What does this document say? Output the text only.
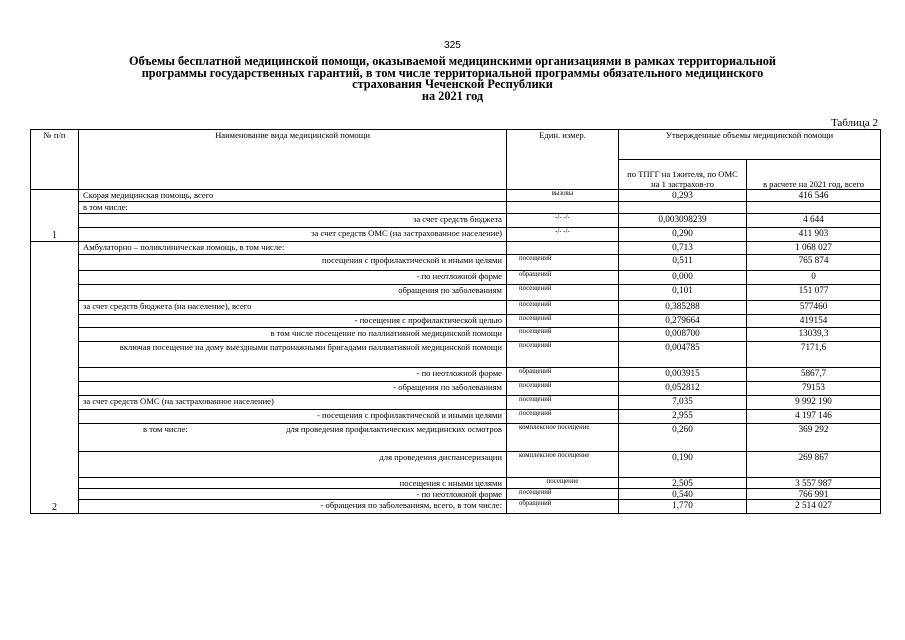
325
Объемы бесплатной медицинской помощи, оказываемой медицинскими организациями в рамках территориальной
программы государственных гарантий, в том числе территориальной программы обязательного медицинского
страхования Чеченской Республики
на 2021 год
Таблица 2
№ п/п	Наименование вида медицинской помощи	Един. измер.	Утвержденные объемы медицинской помощи	
			по ТПГГ на 1жителя, по ОМС на 1 застрахов-го	в расчете на 2021 год, всего
1	Скорая медицинская помощь, всего	вызовы	0,293	416 546
	в том числе:			
	за счет средств бюджета	-/- -/-	0,003098239	4 644
	за счет средств ОМС (на застрахованное население)	-/- -/-	0,290	411 903
2	Амбулаторно – поликлиническая помощь, в том числе:		0,713	1 068 027
	посещения с профилактической и иными целями	посещений	0,511	765 874
	- по неотложной форме	обращений	0,000	0
	обращения по заболеваниям	посещений	0,101	151 077
	за счет средств бюджета (на население), всего	посещений	0,385288	577460
	- посещения с профилактической целью	посещений	0,279664	419154
	в том числе посещение по паллиативной медицинской помощи	посещений	0,008700	13039,3
	включая посещение на дому выездными патронажными бригадами паллиативной медицинской помощи	посещений	0,004785	7171,6
	- по неотложной форме	обращений	0,003915	5867,7
	- обращения по заболеваниям	посещений	0,052812	79153
	за счет средств ОМС (на застрахованное население)	посещений	7,035	9 992 190
	- посещения с профилактической и иными целями	посещений	2,955	4 197 146

	в том числе: для проведения профилактических медицинских осмотров	комплексное посещение	0,260	369 292
	для проведения диспансеризации	комплексное посещение	0,190	269 867
	посещения с иными целями	посещение	2,505	3 557 987
	- по неотложной форме	посещений	0,540	766 991
	- обращения по заболеваниям, всего, в том числе:	обращений	1,770	2 514 027
